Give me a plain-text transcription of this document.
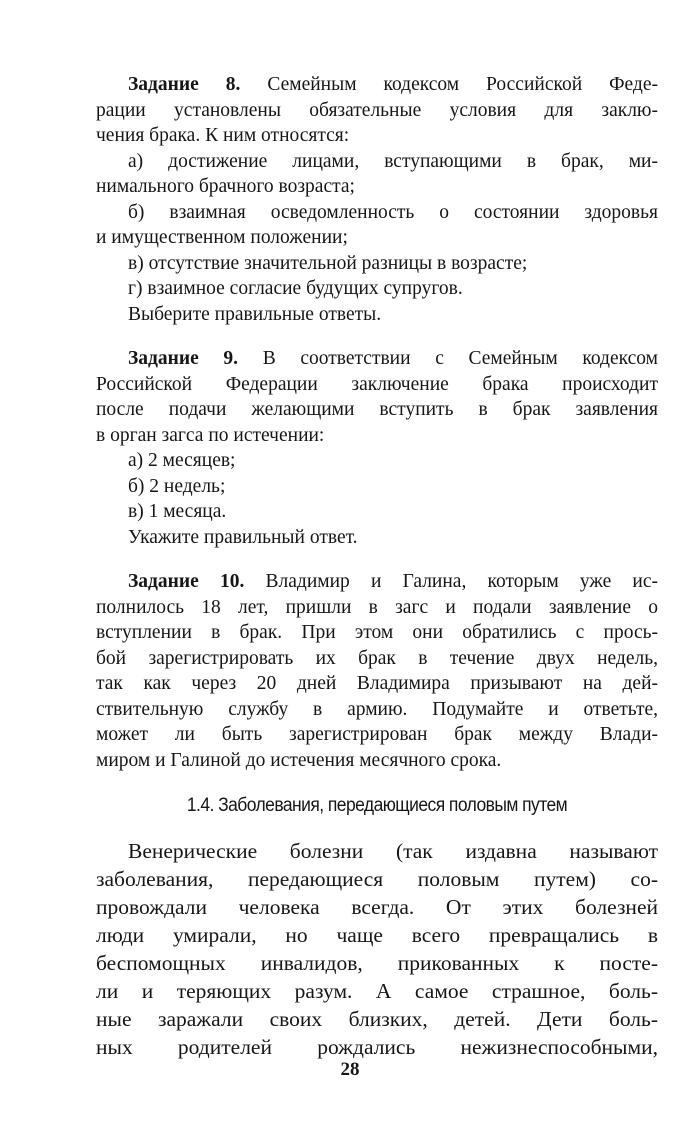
Задание 8. Семейным кодексом Российской Феде-
рации установлены обязательные условия для заклю-
чения брака. К ним относятся:
а) достижение лицами, вступающими в брак, ми-
нимального брачного возраста;
б) взаимная осведомленность о состоянии здоровья
и имущественном положении;
в) отсутствие значительной разницы в возрасте;
г) взаимное согласие будущих супругов.
Выберите правильные ответы.
Задание 9. В соответствии с Семейным кодексом
Российской Федерации заключение брака происходит
после подачи желающими вступить в брак заявления
в орган загса по истечении:
а) 2 месяцев;
б) 2 недель;
в) 1 месяца.
Укажите правильный ответ.
Задание 10. Владимир и Галина, которым уже ис-
полнилось 18 лет, пришли в загс и подали заявление о
вступлении в брак. При этом они обратились с прось-
бой зарегистрировать их брак в течение двух недель,
так как через 20 дней Владимира призывают на дей-
ствительную службу в армию. Подумайте и ответьте,
может ли быть зарегистрирован брак между Влади-
миром и Галиной до истечения месячного срока.
1.4. Заболевания, передающиеся половым путем
Венерические болезни (так издавна называют
заболевания, передающиеся половым путем) со-
провождали человека всегда. От этих болезней
люди умирали, но чаще всего превращались в
беспомощных инвалидов, прикованных к посте-
ли и теряющих разум. А самое страшное, боль-
ные заражали своих близких, детей. Дети боль-
ных родителей рождались нежизнеспособными,
28
